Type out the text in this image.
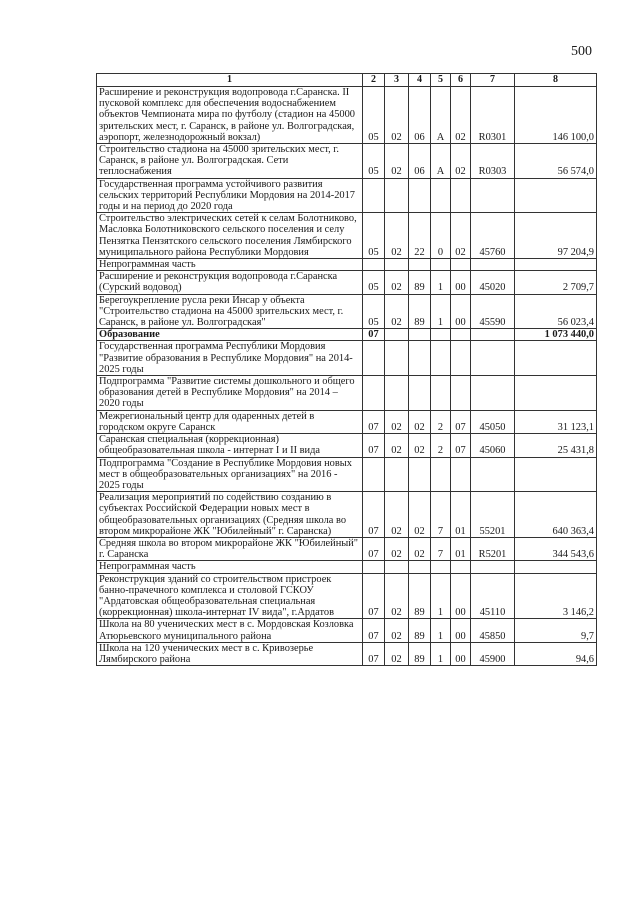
500
1	2	3	4	5	6	7	8
Расширение и реконструкция водопровода г.Саранска. II пусковой комплекс для обеспечения водоснабжением объектов Чемпионата мира по футболу (стадион на 45000 зрительских мест, г. Саранск, в районе ул. Волгоградская, аэропорт, железнодорожный вокзал)	05	02	06	А	02	R0301	146 100,0
Строительство стадиона на 45000 зрительских мест, г. Саранск, в районе ул. Волгоградская. Сети теплоснабжения	05	02	06	А	02	R0303	56 574,0
Государственная программа устойчивого развития сельских территорий Республики Мордовия на 2014-2017 годы и на период до 2020 года							
Строительство электрических сетей к селам Болотниково, Масловка Болотниковского сельского поселения и селу Пензятка Пензятского сельского поселения Лямбирского муниципального района Республики Мордовия	05	02	22	0	02	45760	97 204,9
Непрограммная часть							
Расширение и реконструкция водопровода г.Саранска (Сурский водовод)	05	02	89	1	00	45020	2 709,7
Берегоукрепление русла реки Инсар у объекта "Строительство стадиона на 45000 зрительских мест, г. Саранск, в районе ул. Волгоградская"	05	02	89	1	00	45590	56 023,4
Образование	07						1 073 440,0
Государственная программа Республики Мордовия "Развитие образования в Республике Мордовия" на 2014-2025 годы							
Подпрограмма "Развитие системы дошкольного и общего образования детей в Республике Мордовия" на 2014 – 2020 годы							
Межрегиональный центр для одаренных детей в городском округе Саранск	07	02	02	2	07	45050	31 123,1
Саранская специальная (коррекционная) общеобразовательная школа - интернат I и II вида	07	02	02	2	07	45060	25 431,8
Подпрограмма "Создание в Республике Мордовия новых мест в общеобразовательных организациях" на 2016 - 2025 годы							
Реализация мероприятий по содействию созданию в субъектах Российской Федерации новых мест в общеобразовательных организациях (Средняя школа во втором микрорайоне ЖК "Юбилейный" г. Саранска)	07	02	02	7	01	55201	640 363,4
Средняя школа во втором микрорайоне ЖК "Юбилейный" г. Саранска	07	02	02	7	01	R5201	344 543,6
Непрограммная часть							
Реконструкция зданий со строительством пристроек банно-прачечного комплекса и столовой ГСКОУ "Ардатовская общеобразовательная специальная (коррекционная) школа-интернат IV вида", г.Ардатов	07	02	89	1	00	45110	3 146,2
Школа на 80 ученических мест в с. Мордовская Козловка Атюрьевского муниципального района	07	02	89	1	00	45850	9,7
Школа на 120 ученических мест в с. Кривозерье Лямбирского района	07	02	89	1	00	45900	94,6
